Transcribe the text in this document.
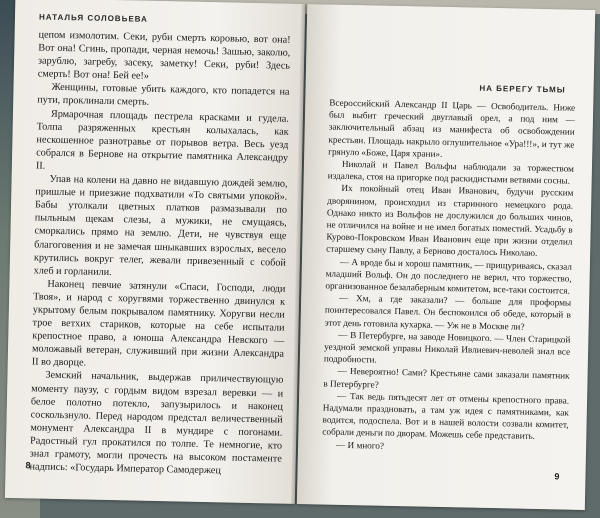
НАТАЛЬЯ СОЛОВЬЕВА

цепом измолотим. Секи, руби смерть коровью, вот она! Вот она! Сгинь, пропади, черная немочь! Зашью, заколю, зарублю, загребу, засеку, заметку! Секи, руби! Здесь смерть! Вот она! Бей ее!»

Женщины, готовые убить каждого, кто попадется на пути, проклинали смерть.

Ярмарочная площадь пестрела красками и гудела. Толпа разряженных крестьян колыхалась, как нескошенное разнотравье от порывов ветра. Весь уезд собрался в Бернове на открытие памятника Александру II.

Упав на колени на давно не видавшую дождей землю, пришлые и приезжие подхватили «То святыми упокой». Бабы утолкали цветных платков размазывали по пыльным щекам слезы, а мужики, не смущаясь, сморкались прямо на землю. Дети, не чувствуя еще благоговения и не замечая шныкавших взрослых, весело крутились вокруг телег, жевали привезенный с собой хлеб и горланили.

Наконец певчие затянули «Спаси, Господи, люди Твоя», и народ с хоругвями торжественно двинулся к укрытому белым покрывалом памятнику. Хоругви несли трое ветхих стариков, которые на себе испытали крепостное право, а юноша Александра Невского — моложавый ветеран, служивший при жизни Александра II во дворце.

Земский начальник, выдержав приличествующую моменту паузу, с гордым видом взрезал веревки — и белое полотно потекло, запузырилось и наконец соскользнуло. Перед народом предстал величественный монумент Александра II в мундире с погонами. Радостный гул прокатился по толпе. Те немногие, кто знал грамоту, могли прочесть на высоком постаменте надпись: «Государь Император Самодержец

8
НА БЕРЕГУ ТЬМЫ

Всероссийский Александр II Царь — Освободитель. Ниже был выбит греческий двуглавый орел, а под ним — заключительный абзац из манифеста об освобождении крестьян. Площадь накрыло оглушительное «Ура!!!», и тут же грянуло «Боже, Царя храни».

Николай и Павел Вольфы наблюдали за торжеством издалека, стоя на пригорке под раскидистыми ветвями сосны.

Их покойный отец Иван Иванович, будучи русским дворянином, происходил из старинного немецкого рода. Однако никто из Вольфов не дослужился до больших чинов, не отличился на войне и не имел богатых поместий. Усадьбу в Курово-Покровском Иван Иванович еще при жизни отделил старшему сыну Павлу, а Берново досталось Николаю.

— А вроде бы и хорош памятник, — прищуриваясь, сказал младший Вольф. Он до последнего не верил, что торжество, организованное безалаберным комитетом, все-таки состоится.

— Хм, а где заказали? — больше для проформы поинтересовался Павел. Он беспокоился об обеде, который в этот день готовила кухарка. — Уж не в Москве ли?

— В Петербурге, на заводе Новицкого. — Член Старицкой уездной земской управы Николай Ивлиевич-неволей знал все подробности.

— Невероятно! Сами? Крестьяне сами заказали памятник в Петербурге?

— Так ведь пятьдесят лет от отмены крепостного права. Надумали праздновать, а там уж идея с памятниками, как водится, подоспела. Вот и в нашей волости созвали комитет, собрали деньги по дворам. Можешь себе представить.

— И много?

9
